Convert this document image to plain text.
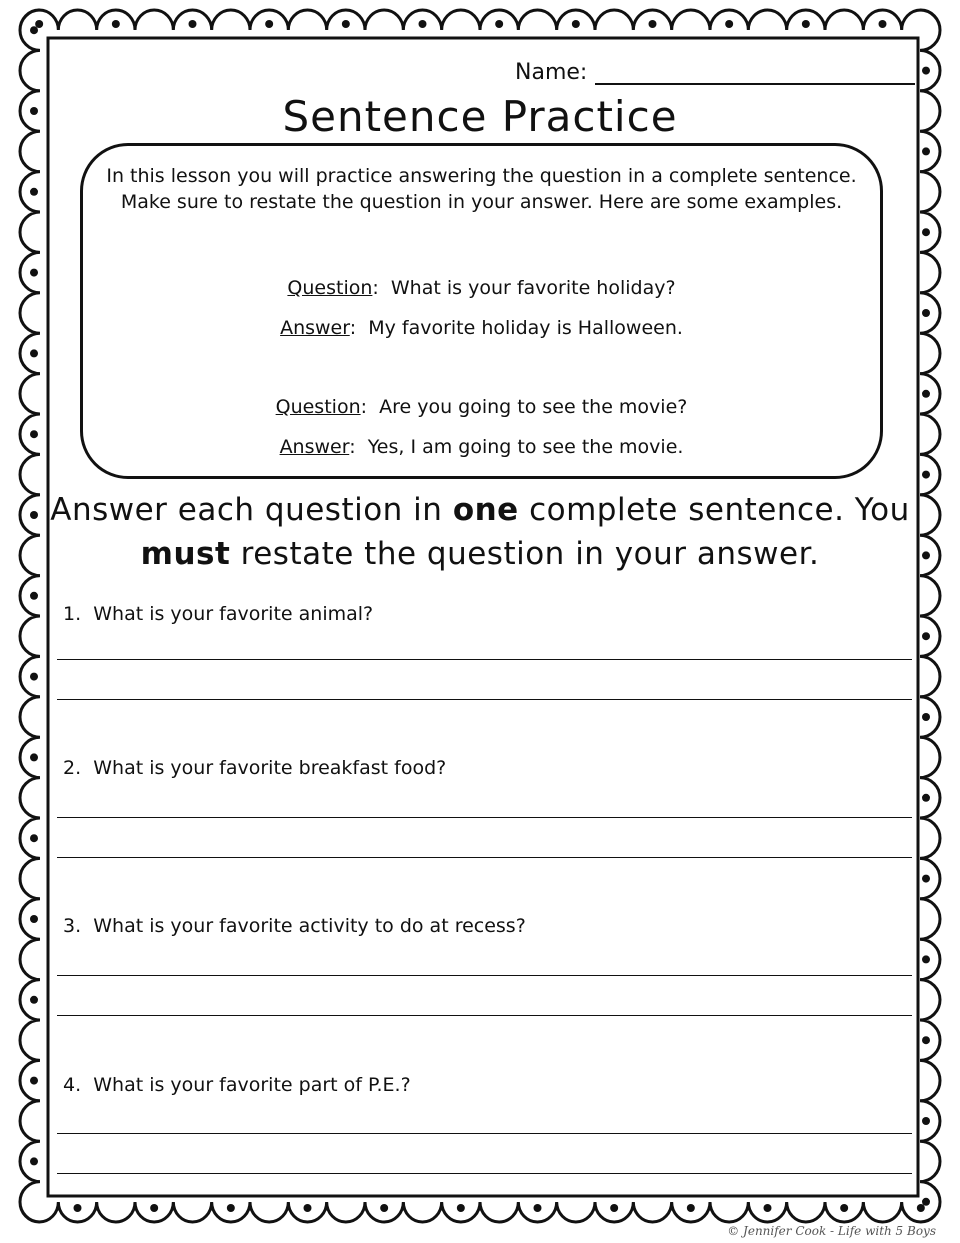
Name:
Sentence Practice
In this lesson you will practice answering the question in a complete sentence. Make sure to restate the question in your answer. Here are some examples.
Question:  What is your favorite holiday?
Answer:  My favorite holiday is Halloween.
Question:  Are you going to see the movie?
Answer:  Yes, I am going to see the movie.
Answer each question in one complete sentence. You
must restate the question in your answer.
1. What is your favorite animal?
2. What is your favorite breakfast food?
3. What is your favorite activity to do at recess?
4. What is your favorite part of P.E.?
© Jennifer Cook - Life with 5 Boys
